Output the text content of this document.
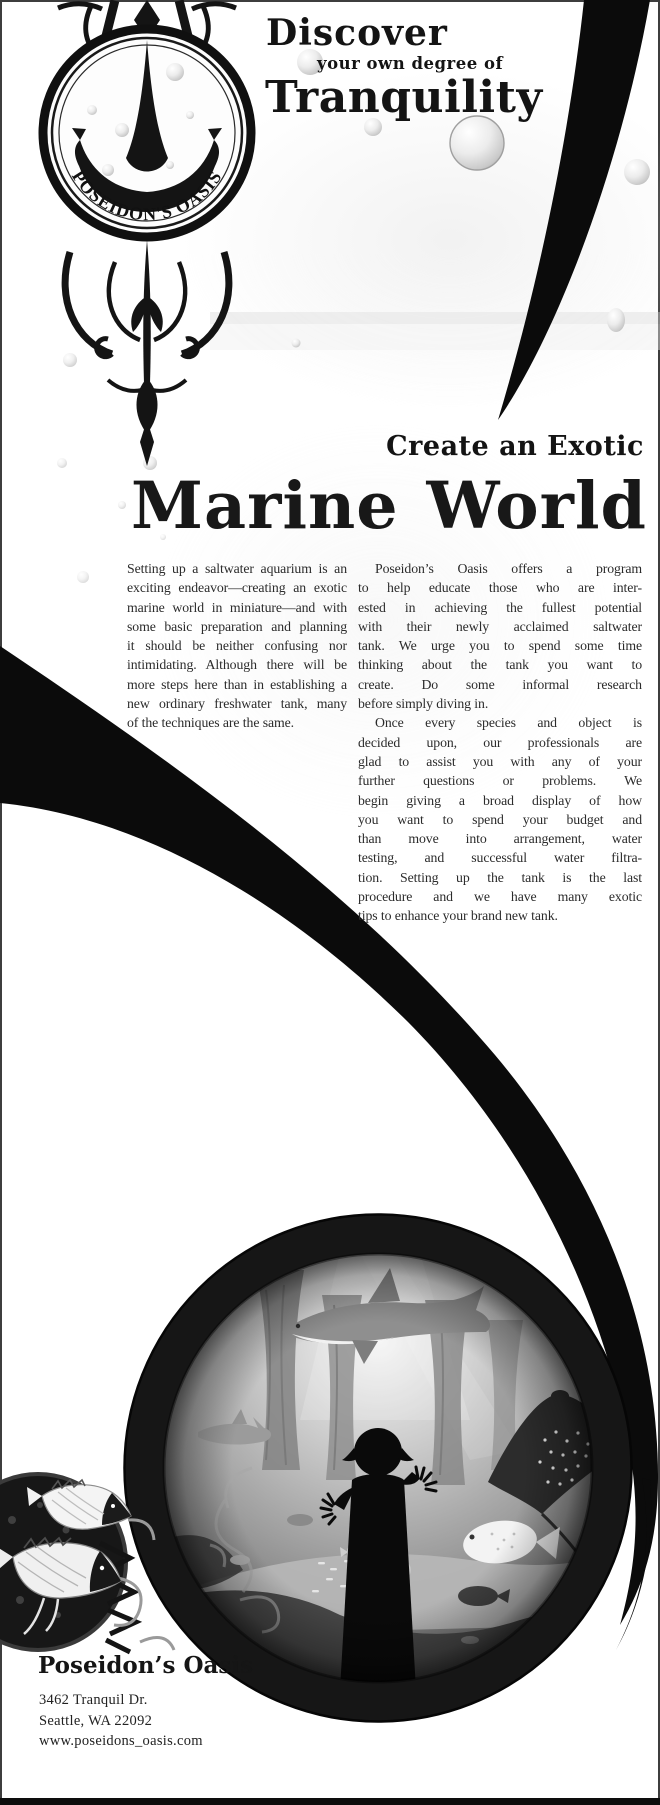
POSEIDON'S OASIS
Discover
your own degree of
Tranquility
Create an Exotic
Marine World
Setting up a saltwater aquarium is an
exciting endeavor—creating an exotic
marine world in miniature—and with
some basic preparation and planning
it should be neither confusing nor
intimidating. Although there will be
more steps here than in establishing a
new ordinary freshwater tank, many
of the techniques are the same.
Poseidon’s Oasis offers a program
to help educate those who are inter-
ested in achieving the fullest potential
with their newly acclaimed saltwater
tank. We urge you to spend some time
thinking about the tank you want to
create. Do some informal research
before simply diving in.
Once every species and object is
decided upon, our professionals are
glad to assist you with any of your
further questions or problems. We
begin giving a broad display of how
you want to spend your budget and
than move into arrangement, water
testing, and successful water filtra-
tion. Setting up the tank is the last
procedure and we have many exotic
tips to enhance your brand new tank.
Poseidon’s Oasis
3462 Tranquil Dr.
Seattle, WA 22092
www.poseidons_oasis.com
